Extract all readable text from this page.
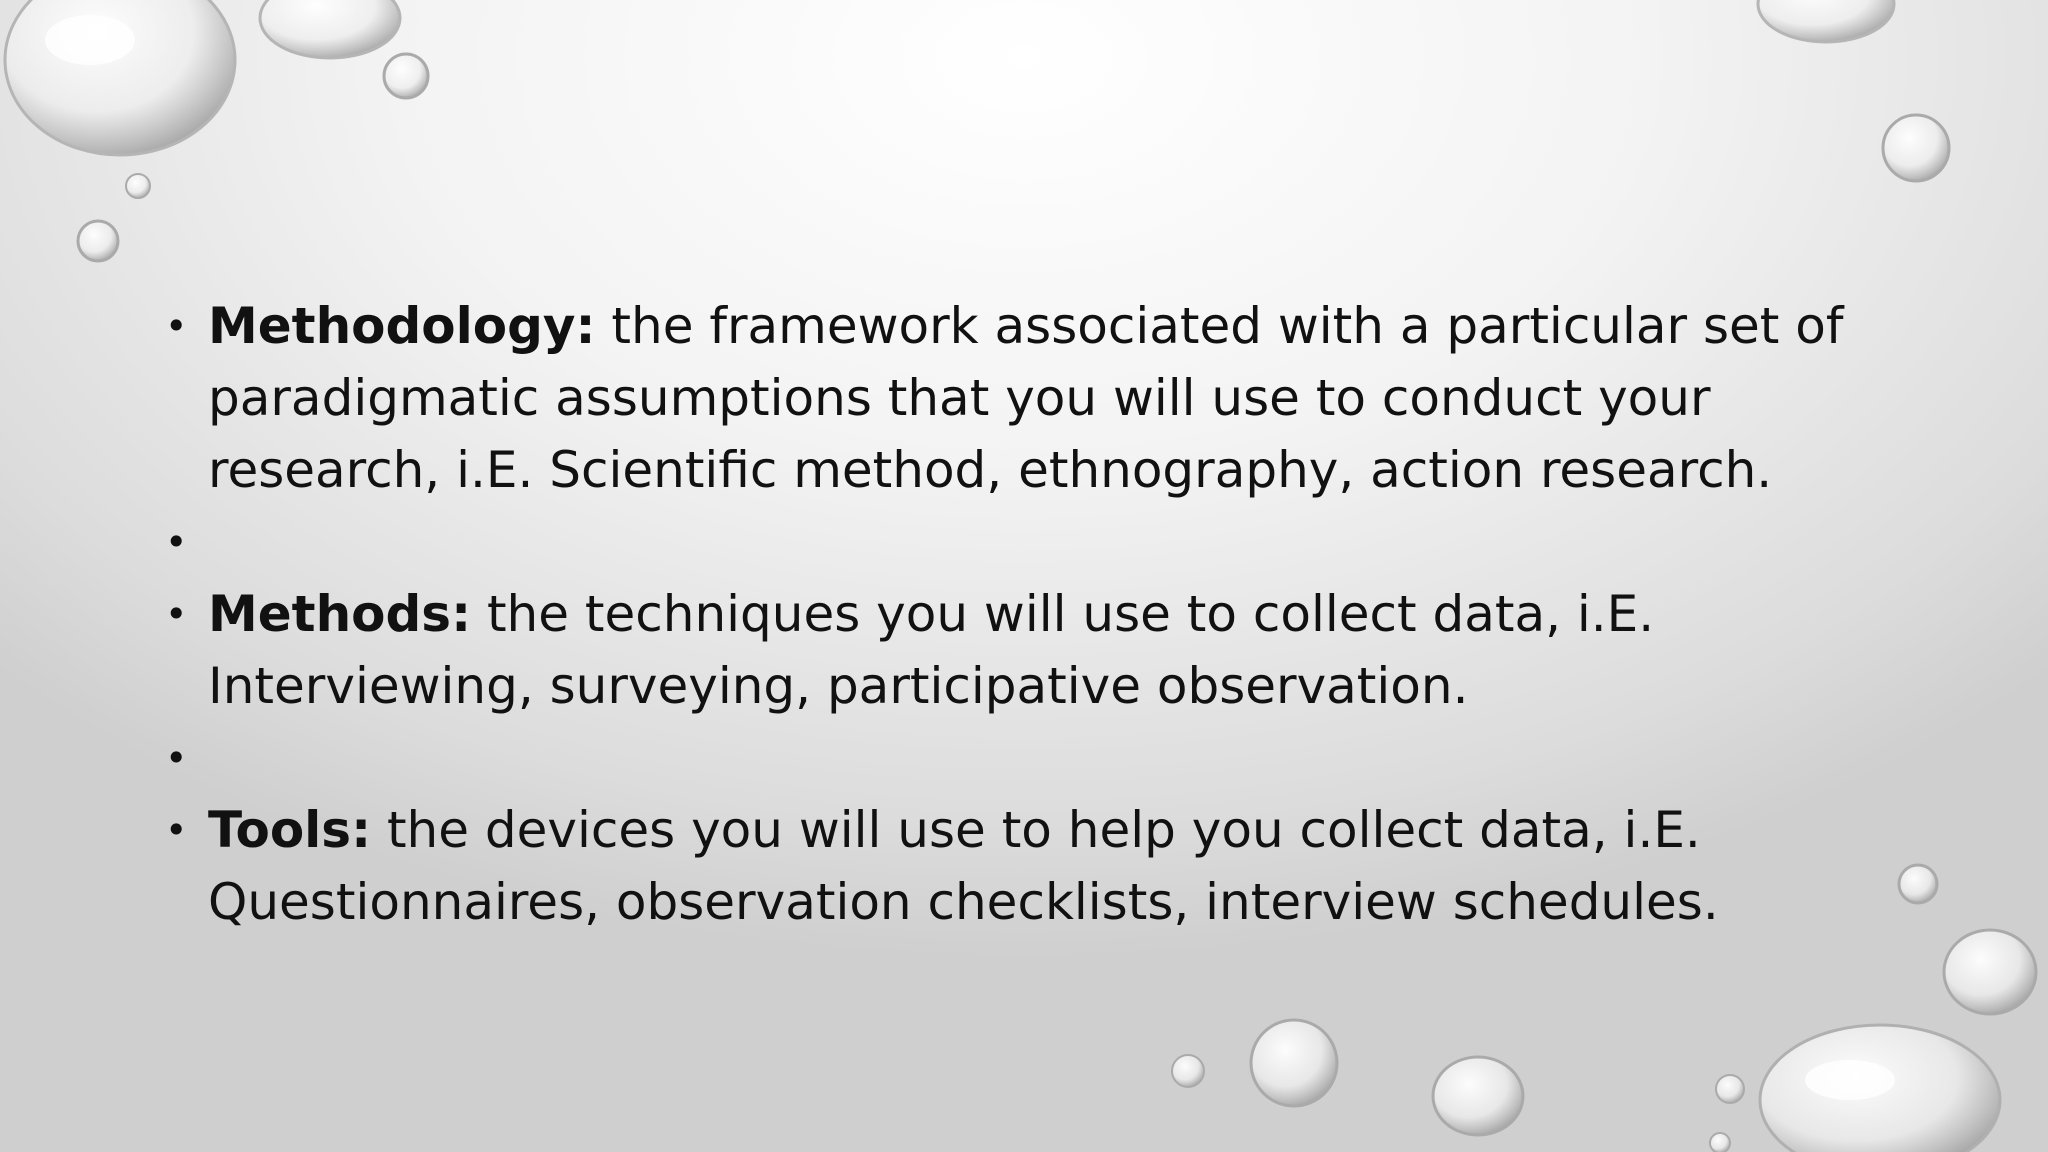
• Methodology: the framework associated with a particular set of paradigmatic assumptions that you will use to conduct your research, i.E. Scientific method, ethnography, action research.
•
• Methods: the techniques you will use to collect data, i.E. Interviewing, surveying, participative observation.
•
• Tools: the devices you will use to help you collect data, i.E. Questionnaires, observation checklists, interview schedules.
